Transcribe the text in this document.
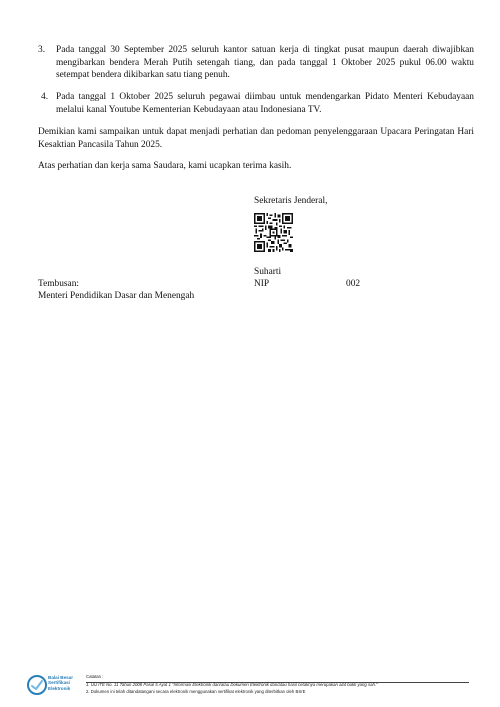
3. Pada tanggal 30 September 2025 seluruh kantor satuan kerja di tingkat pusat maupun daerah diwajibkan mengibarkan bendera Merah Putih setengah tiang, dan pada tanggal 1 Oktober 2025 pukul 06.00 waktu setempat bendera dikibarkan satu tiang penuh.
4. Pada tanggal 1 Oktober 2025 seluruh pegawai diimbau untuk mendengarkan Pidato Menteri Kebudayaan melalui kanal Youtube Kementerian Kebudayaan atau Indonesiana TV.
Demikian kami sampaikan untuk dapat menjadi perhatian dan pedoman penyelenggaraan Upacara Peringatan Hari Kesaktian Pancasila Tahun 2025.
Atas perhatian dan kerja sama Saudara, kami ucapkan terima kasih.
Sekretaris Jenderal,
Suharti
NIP	002
Tembusan:
Menteri Pendidikan Dasar dan Menengah
Balai Besar
Sertifikasi
Elektronik
Catatan :
1. UU ITE No. 11 Tahun 2008 Pasal 5 Ayat 1 "Informasi Elektronik dan/atau Dokumen Elektronik dan/atau hasil cetaknya merupakan alat bukti yang sah."
2. Dokumen ini telah ditandatangani secara elektronik menggunakan sertifikat elektronik yang diterbitkan oleh BSrE
